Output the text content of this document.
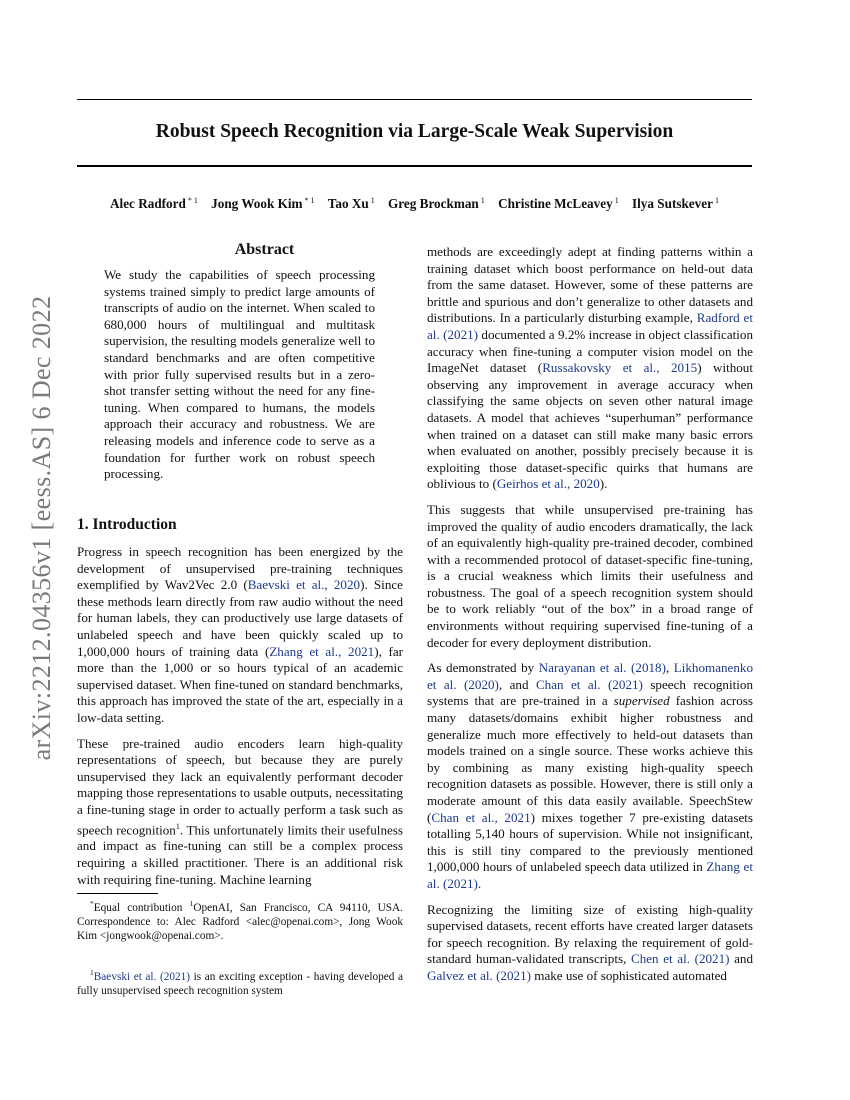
Robust Speech Recognition via Large-Scale Weak Supervision
Alec Radford $^{* 1}$ Jong Wook Kim $^{* 1}$ Tao Xu $^1$ Greg Brockman $^1$ Christine McLeavey $^1$ Ilya Sutskever $^1$
arXiv:2212.04356v1 [eess.AS] 6 Dec 2022
Abstract
We study the capabilities of speech processing systems trained simply to predict large amounts of transcripts of audio on the internet. When scaled to 680,000 hours of multilingual and multitask supervision, the resulting models generalize well to standard benchmarks and are often competitive with prior fully supervised results but in a zero-shot transfer setting without the need for any fine-tuning. When compared to humans, the models approach their accuracy and robustness. We are releasing models and inference code to serve as a foundation for further work on robust speech processing.
1. Introduction

Progress in speech recognition has been energized by the development of unsupervised pre-training techniques exemplified by Wav2Vec 2.0 (Baevski et al., 2020). Since these methods learn directly from raw audio without the need for human labels, they can productively use large datasets of unlabeled speech and have been quickly scaled up to 1,000,000 hours of training data (Zhang et al., 2021), far more than the 1,000 or so hours typical of an academic supervised dataset. When fine-tuned on standard benchmarks, this approach has improved the state of the art, especially in a low-data setting.

These pre-trained audio encoders learn high-quality representations of speech, but because they are purely unsupervised they lack an equivalently performant decoder mapping those representations to usable outputs, necessitating a fine-tuning stage in order to actually perform a task such as speech recognition$^1$. This unfortunately limits their usefulness and impact as fine-tuning can still be a complex process requiring a skilled practitioner. There is an additional risk with requiring fine-tuning. Machine learning

methods are exceedingly adept at finding patterns within a training dataset which boost performance on held-out data from the same dataset. However, some of these patterns are brittle and spurious and don’t generalize to other datasets and distributions. In a particularly disturbing example, Radford et al. (2021) documented a 9.2% increase in object classification accuracy when fine-tuning a computer vision model on the ImageNet dataset (Russakovsky et al., 2015) without observing any improvement in average accuracy when classifying the same objects on seven other natural image datasets. A model that achieves “superhuman” performance when trained on a dataset can still make many basic errors when evaluated on another, possibly precisely because it is exploiting those dataset-specific quirks that humans are oblivious to (Geirhos et al., 2020).

This suggests that while unsupervised pre-training has improved the quality of audio encoders dramatically, the lack of an equivalently high-quality pre-trained decoder, combined with a recommended protocol of dataset-specific fine-tuning, is a crucial weakness which limits their usefulness and robustness. The goal of a speech recognition system should be to work reliably “out of the box” in a broad range of environments without requiring supervised fine-tuning of a decoder for every deployment distribution.

As demonstrated by Narayanan et al. (2018), Likhomanenko et al. (2020), and Chan et al. (2021) speech recognition systems that are pre-trained in a supervised fashion across many datasets/domains exhibit higher robustness and generalize much more effectively to held-out datasets than models trained on a single source. These works achieve this by combining as many existing high-quality speech recognition datasets as possible. However, there is still only a moderate amount of this data easily available. SpeechStew (Chan et al., 2021) mixes together 7 pre-existing datasets totalling 5,140 hours of supervision. While not insignificant, this is still tiny compared to the previously mentioned 1,000,000 hours of unlabeled speech data utilized in Zhang et al. (2021).

Recognizing the limiting size of existing high-quality supervised datasets, recent efforts have created larger datasets for speech recognition. By relaxing the requirement of gold-standard human-validated transcripts, Chen et al. (2021) and Galvez et al. (2021) make use of sophisticated automated

*Equal contribution $^1$OpenAI, San Francisco, CA 94110, USA. Correspondence to: Alec Radford <alec@openai.com>, Jong Wook Kim <jongwook@openai.com>.
$^1$Baevski et al. (2021) is an exciting exception - having developed a fully unsupervised speech recognition system
